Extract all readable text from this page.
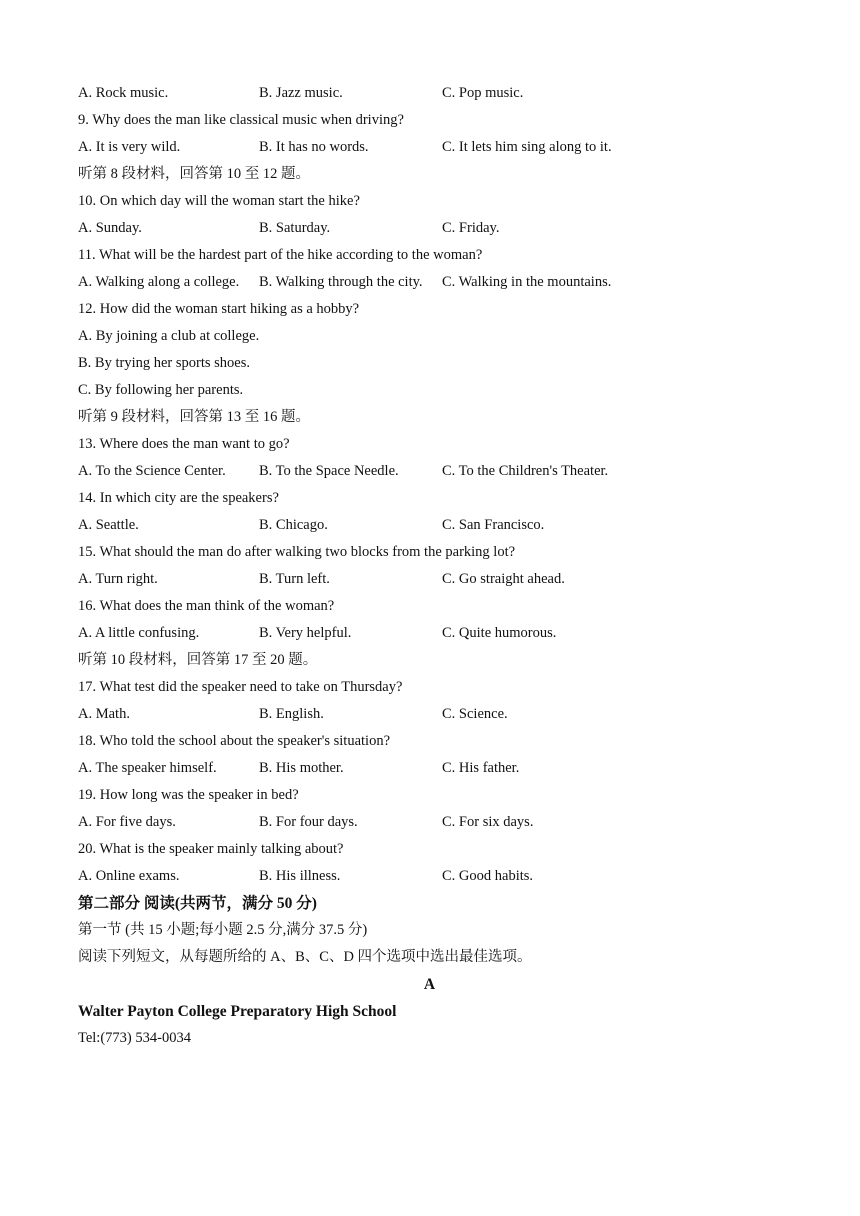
A. Rock music.	B. Jazz music.	C. Pop music.
9. Why does the man like classical music when driving?
A. It is very wild.	B. It has no words.	C. It lets him sing along to it.
听第 8 段材料，回答第 10 至 12 题。
10. On which day will the woman start the hike?
A. Sunday.	B. Saturday.	C. Friday.
11. What will be the hardest part of the hike according to the woman?
A. Walking along a college. B. Walking through the city. C. Walking in the mountains.
12. How did the woman start hiking as a hobby?
A. By joining a club at college.
B. By trying her sports shoes.
C. By following her parents.
听第 9 段材料，回答第 13 至 16 题。
13. Where does the man want to go?
A. To the Science Center. B. To the Space Needle.	C. To the Children's Theater.
14. In which city are the speakers?
A. Seattle.	B. Chicago.	C. San Francisco.
15. What should the man do after walking two blocks from the parking lot?
A. Turn right.	B. Turn left.	C. Go straight ahead.
16. What does the man think of the woman?
A. A little confusing.	B. Very helpful.	C. Quite humorous.
听第 10 段材料，回答第 17 至 20 题。
17. What test did the speaker need to take on Thursday?
A. Math.	B. English.	C. Science.
18. Who told the school about the speaker's situation?
A. The speaker himself.	B. His mother.	C. His father.
19. How long was the speaker in bed?
A. For five days.	B. For four days.	C. For six days.
20. What is the speaker mainly talking about?
A. Online exams.	B. His illness.	C. Good habits.
第二部分 阅读(共两节，满分 50 分)
第一节 (共 15 小题;每小题 2.5 分,满分 37.5 分)
阅读下列短文，从每题所给的 A、B、C、D 四个选项中选出最佳选项。
A
Walter Payton College Preparatory High School
Tel:(773) 534-0034
